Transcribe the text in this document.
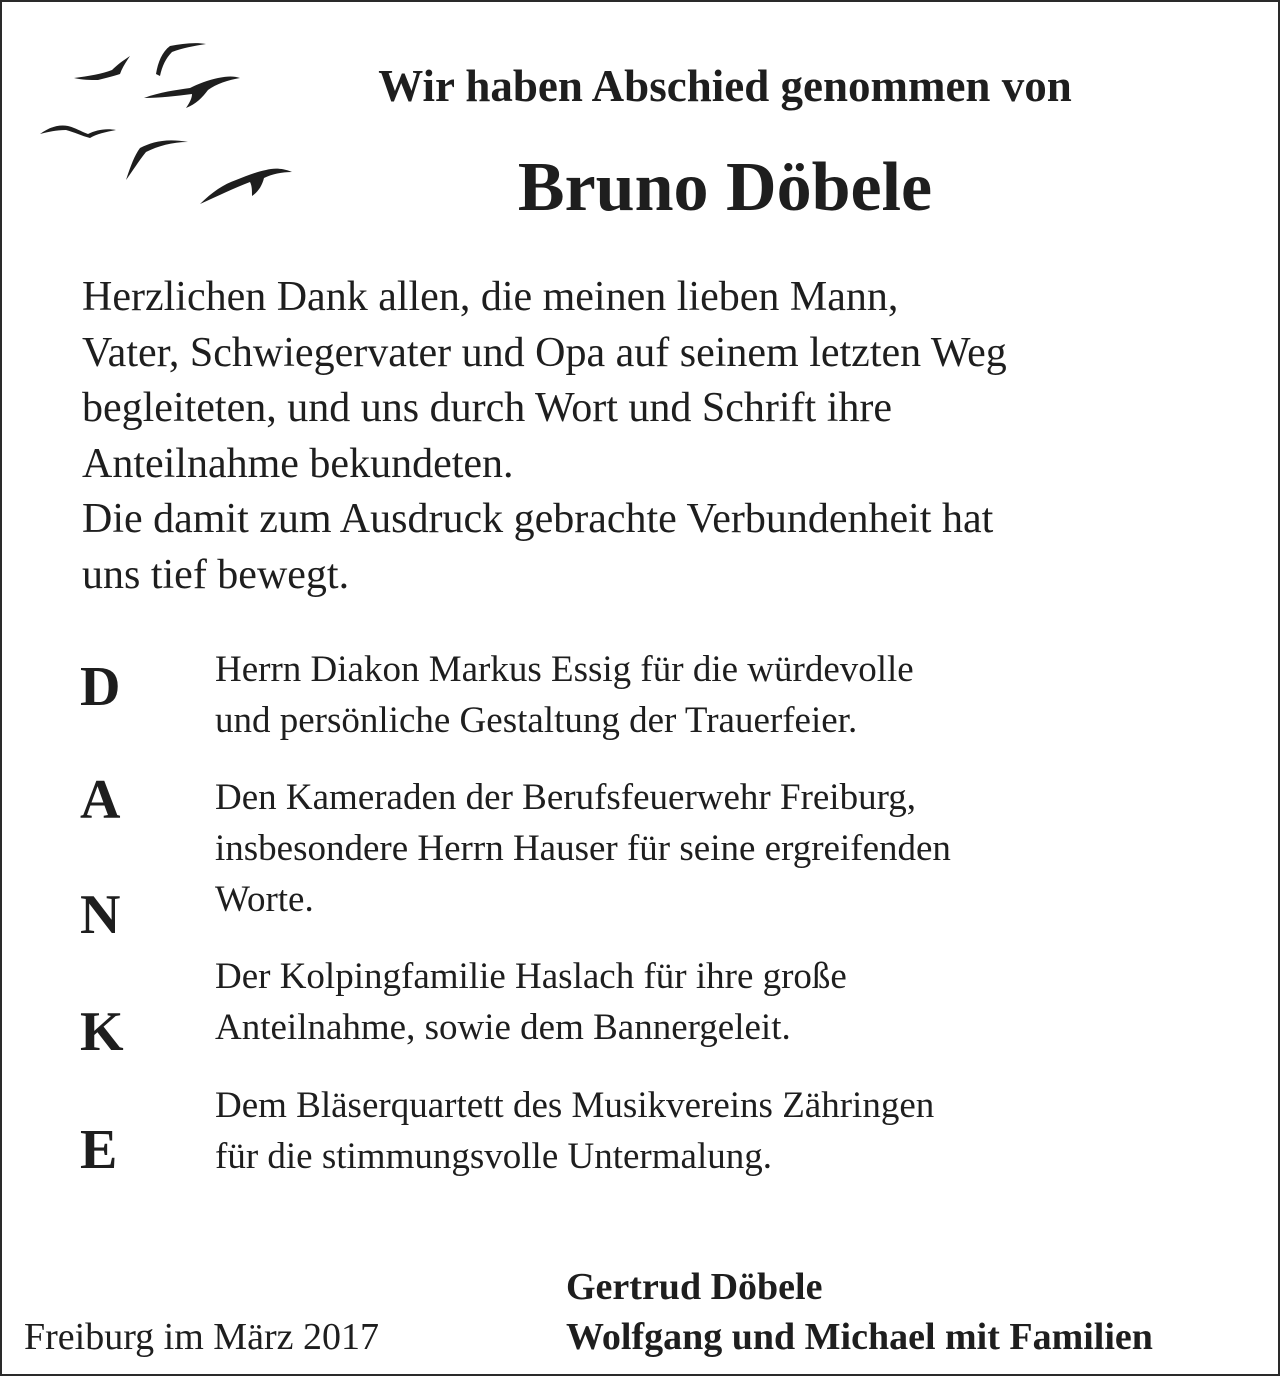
Wir haben Abschied genommen von
Bruno Döbele

Herzlichen Dank allen, die meinen lieben Mann,

Vater, Schwiegervater und Opa auf seinem letzten Weg

begleiteten, und uns durch Wort und Schrift ihre

Anteilnahme bekundeten.

Die damit zum Ausdruck gebrachte Verbundenheit hat

uns tief bewegt.

D
A
N
K
E
Herrn Diakon Markus Essig für die würdevolle
und persönliche Gestaltung der Trauerfeier.
Den Kameraden der Berufsfeuerwehr Freiburg,
insbesondere Herrn Hauser für seine ergreifenden
Worte.
Der Kolpingfamilie Haslach für ihre große
Anteilnahme, sowie dem Bannergeleit.
Dem Bläserquartett des Musikvereins Zähringen
für die stimmungsvolle Untermalung.

Freiburg im März 2017

Gertrud Döbele
Wolfgang und Michael mit Familien
